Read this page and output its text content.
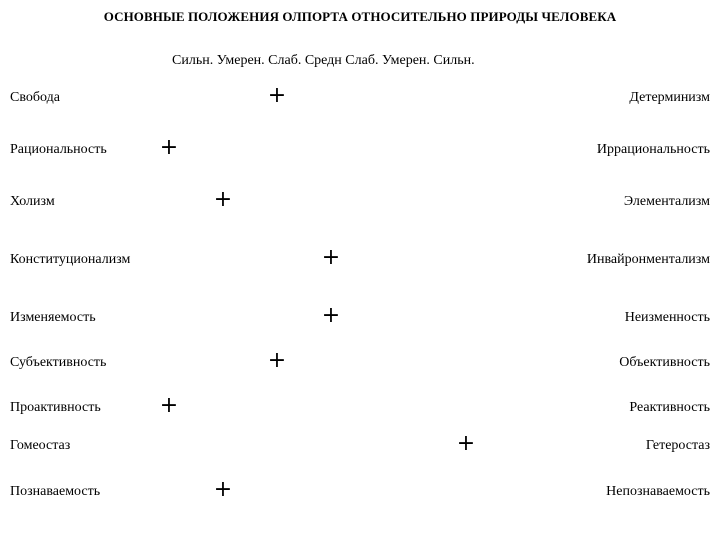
ОСНОВНЫЕ ПОЛОЖЕНИЯ ОЛПОРТА ОТНОСИТЕЛЬНО ПРИРОДЫ ЧЕЛОВЕКА
Сильн. Умерен. Слаб. Средн Слаб. Умерен. Сильн.
Свобода	+	Детерминизм
Рациональность +	Иррациональность
Холизм	+	Элементализм
Конституционализм	+	Инвайронментализм
Изменяемость	+	Неизменность
Субъективность	+	Объективность
Проактивность	+	Реактивность
Гомеостаз	+	Гетеростаз
Познаваемость	+	Непознаваемость
